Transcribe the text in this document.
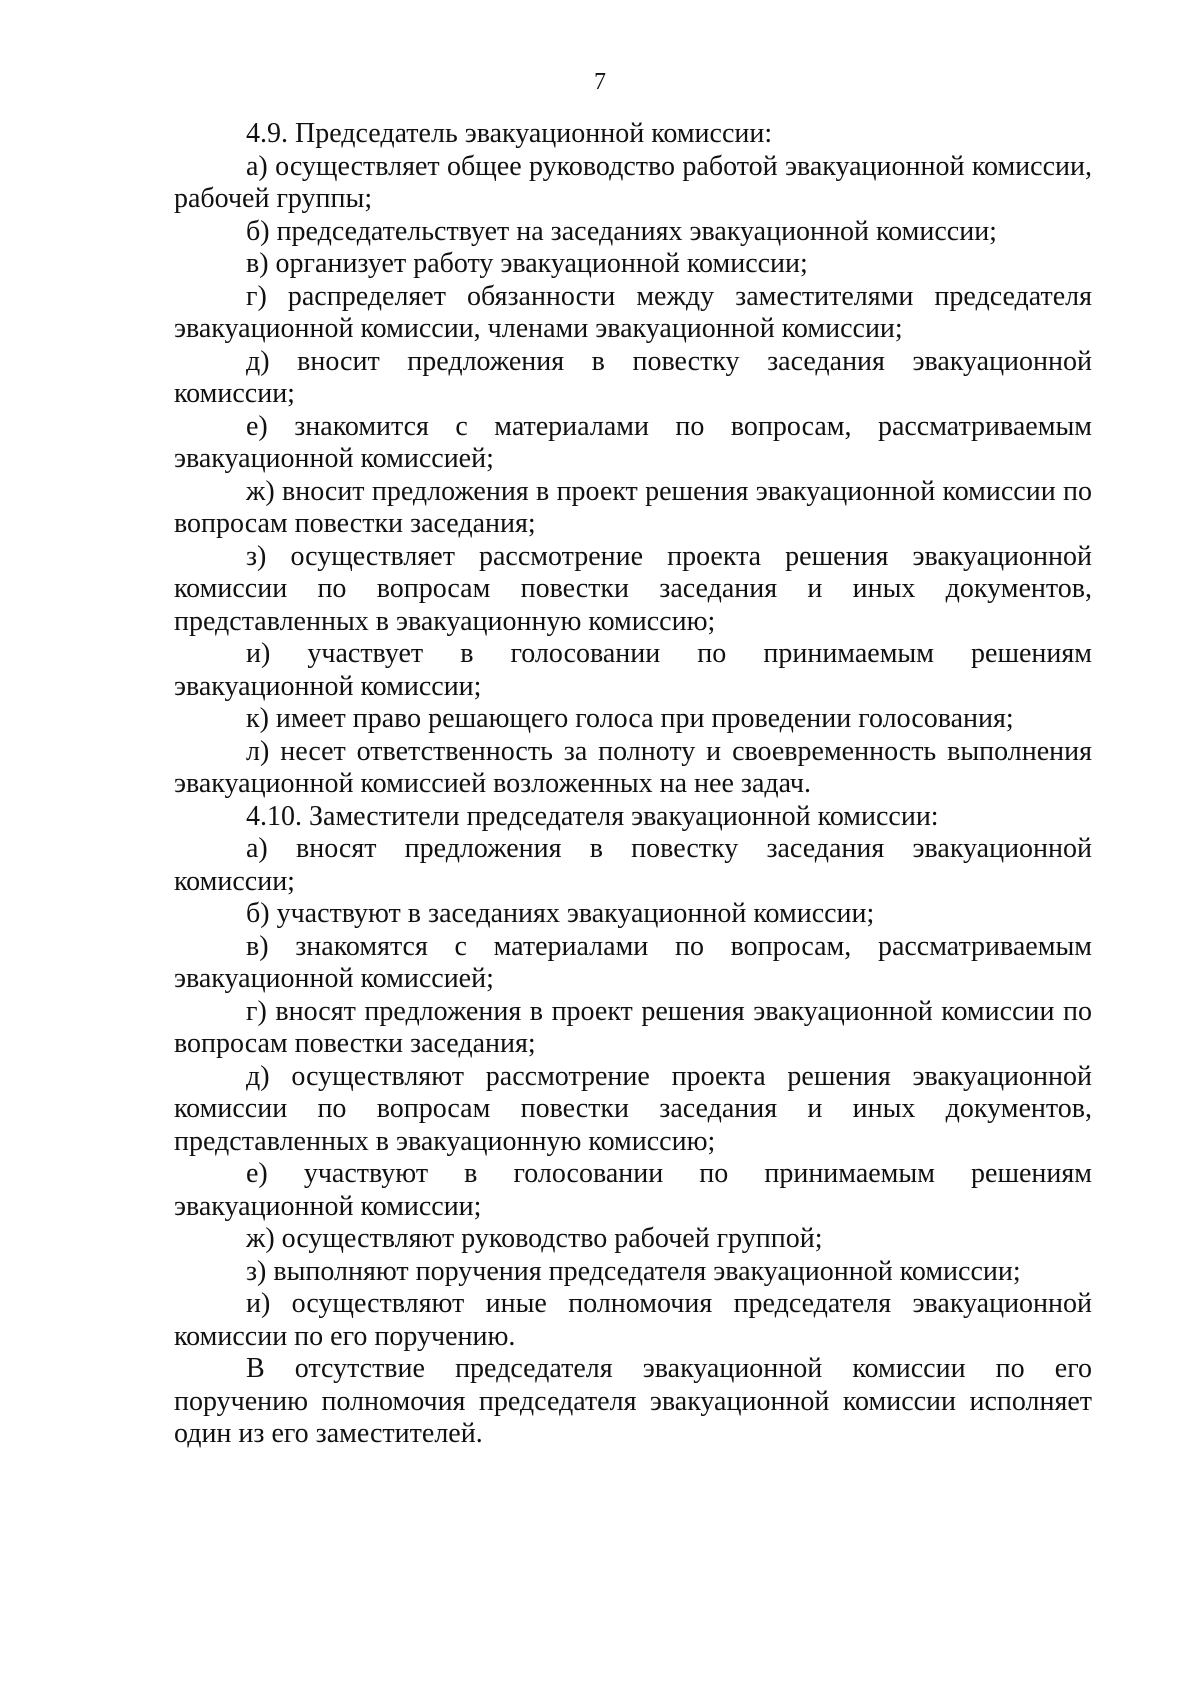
7

4.9. Председатель эвакуационной комиссии:

а) осуществляет общее руководство работой эвакуационной комиссии, рабочей группы;

б) председательствует на заседаниях эвакуационной комиссии;

в) организует работу эвакуационной комиссии;

г) распределяет обязанности между заместителями председателя эвакуационной комиссии, членами эвакуационной комиссии;

д) вносит предложения в повестку заседания эвакуационной комиссии;

е) знакомится с материалами по вопросам, рассматриваемым эвакуационной комиссией;

ж) вносит предложения в проект решения эвакуационной комиссии по вопросам повестки заседания;

з) осуществляет рассмотрение проекта решения эвакуационной комиссии по вопросам повестки заседания и иных документов, представленных в эвакуационную комиссию;

и) участвует в голосовании по принимаемым решениям эвакуационной комиссии;

к) имеет право решающего голоса при проведении голосования;

л) несет ответственность за полноту и своевременность выполнения эвакуационной комиссией возложенных на нее задач.

4.10. Заместители председателя эвакуационной комиссии:

а) вносят предложения в повестку заседания эвакуационной комиссии;

б) участвуют в заседаниях эвакуационной комиссии;

в) знакомятся с материалами по вопросам, рассматриваемым эвакуационной комиссией;

г) вносят предложения в проект решения эвакуационной комиссии по вопросам повестки заседания;

д) осуществляют рассмотрение проекта решения эвакуационной комиссии по вопросам повестки заседания и иных документов, представленных в эвакуационную комиссию;

е) участвуют в голосовании по принимаемым решениям эвакуационной комиссии;

ж) осуществляют руководство рабочей группой;

з) выполняют поручения председателя эвакуационной комиссии;

и) осуществляют иные полномочия председателя эвакуационной комиссии по его поручению.

В отсутствие председателя эвакуационной комиссии по его поручению полномочия председателя эвакуационной комиссии исполняет один из его заместителей.
